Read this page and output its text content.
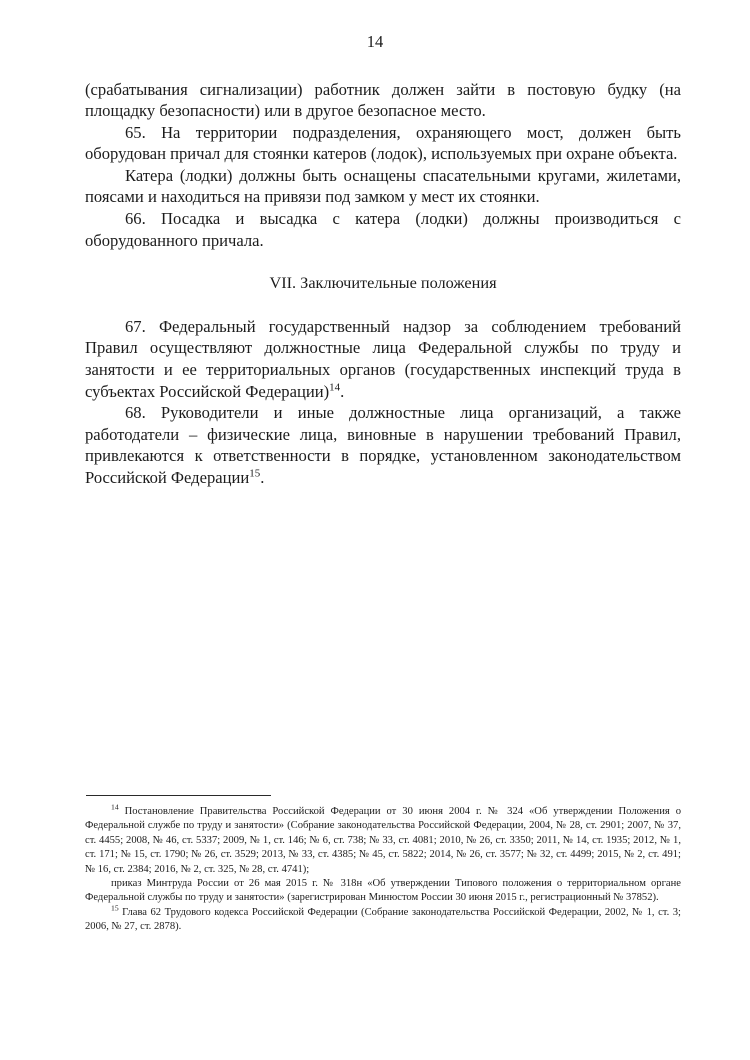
14

(срабатывания сигнализации) работник должен зайти в постовую будку (на площадку безопасности) или в другое безопасное место.

65. На территории подразделения, охраняющего мост, должен быть оборудован причал для стоянки катеров (лодок), используемых при охране объекта.

Катера (лодки) должны быть оснащены спасательными кругами, жилетами, поясами и находиться на привязи под замком у мест их стоянки.

66. Посадка и высадка с катера (лодки) должны производиться с оборудованного причала.

VII. Заключительные положения

67. Федеральный государственный надзор за соблюдением требований Правил осуществляют должностные лица Федеральной службы по труду и занятости и ее территориальных органов (государственных инспекций труда в субъектах Российской Федерации)$^{14}$.

68. Руководители и иные должностные лица организаций, а также работодатели – физические лица, виновные в нарушении требований Правил, привлекаются к ответственности в порядке, установленном законодательством Российской Федерации$^{15}$.

$^{14}$ Постановление Правительства Российской Федерации от 30 июня 2004 г. № 324 «Об утверждении Положения о Федеральной службе по труду и занятости» (Собрание законодательства Российской Федерации, 2004, № 28, ст. 2901; 2007, № 37, ст. 4455; 2008, № 46, ст. 5337; 2009, № 1, ст. 146; № 6, ст. 738; № 33, ст. 4081; 2010, № 26, ст. 3350; 2011, № 14, ст. 1935; 2012, № 1, ст. 171; № 15, ст. 1790; № 26, ст. 3529; 2013, № 33, ст. 4385; № 45, ст. 5822; 2014, № 26, ст. 3577; № 32, ст. 4499; 2015, № 2, ст. 491; № 16, ст. 2384; 2016, № 2, ст. 325, № 28, ст. 4741);

приказ Минтруда России от 26 мая 2015 г. № 318н «Об утверждении Типового положения о территориальном органе Федеральной службы по труду и занятости» (зарегистрирован Минюстом России 30 июня 2015 г., регистрационный № 37852).

$^{15}$ Глава 62 Трудового кодекса Российской Федерации (Собрание законодательства Российской Федерации, 2002, № 1, ст. 3; 2006, № 27, ст. 2878).
